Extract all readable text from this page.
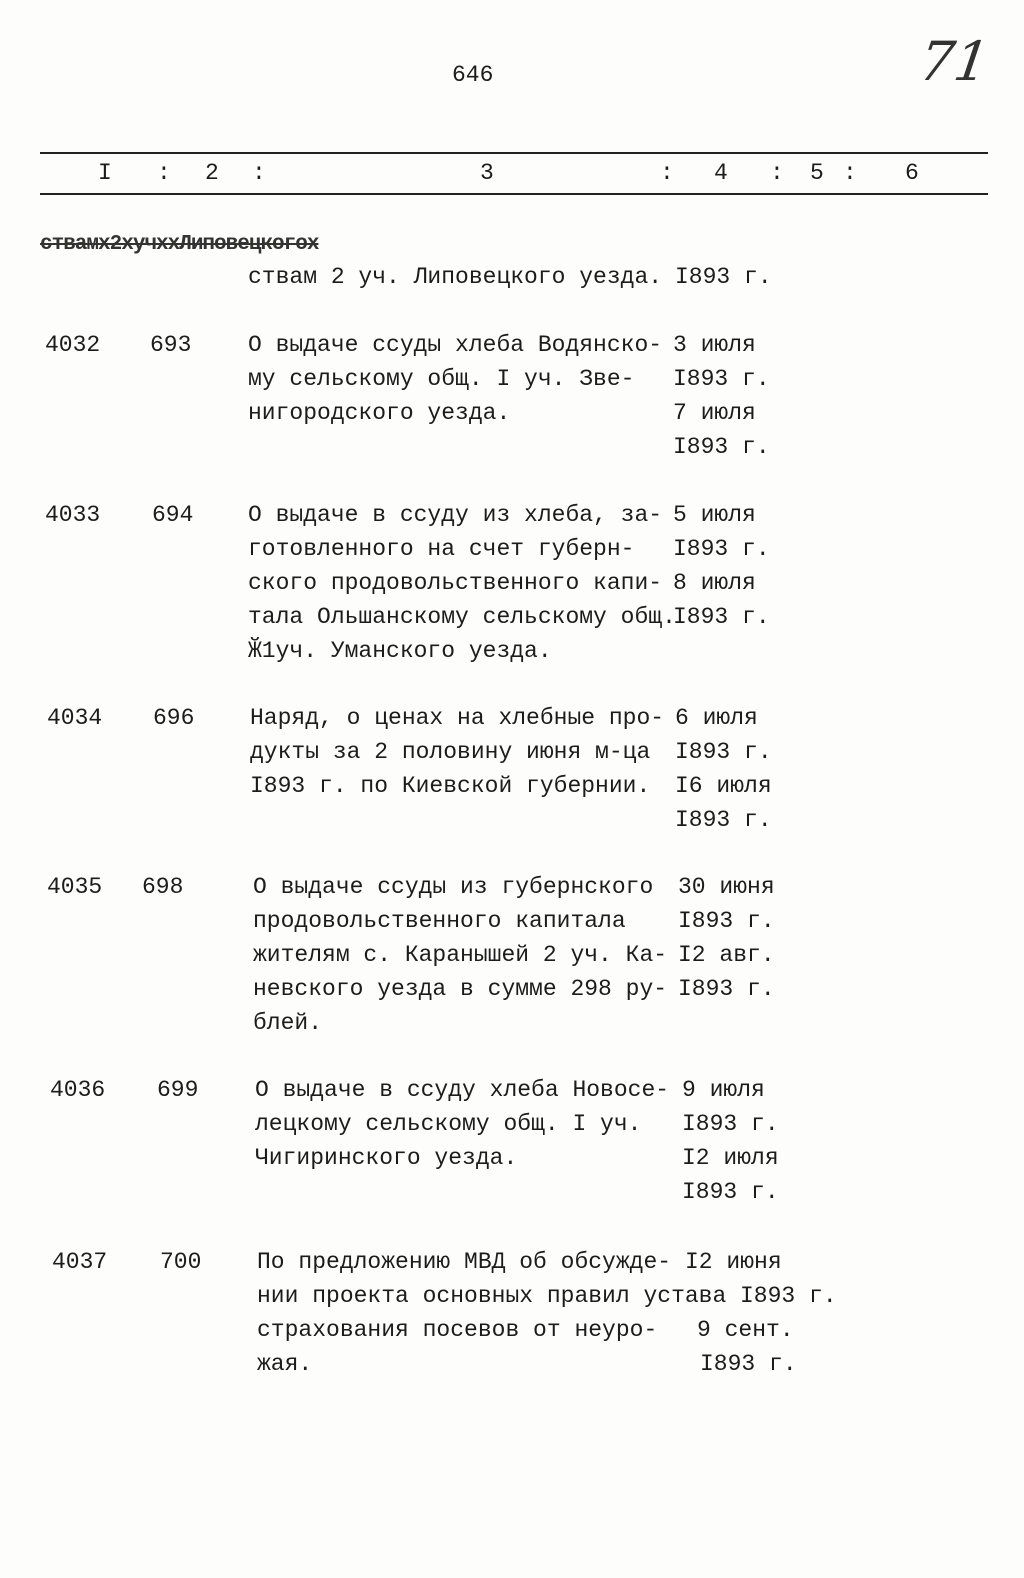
646	71
I : 2 :	3	: 4 : 5 : 6
ствамх2хучххЛиповецкогох
ствам 2 уч. Липовецкого уезда. I893 г.
4032 693 О выдаче ссуды хлеба Водянско-
му сельскому общ. I уч. Зве-
нигородского уезда.
3 июля
I893 г.
7 июля
I893 г.
4033 694 О выдаче в ссуду из хлеба, за-
готовленного на счет губерн-
ского продовольственного капи-
тала Ольшанскому сельскому общ.
Ӂ1уч. Уманского уезда.
5 июля
I893 г.
8 июля
I893 г.
4034 696 Наряд, о ценах на хлебные про-
дукты за 2 половину июня м-ца
I893 г. по Киевской губернии.
6 июля
I893 г.
I6 июля
I893 г.
4035 698	О выдаче ссуды из губернского
продовольственного капитала
жителям с. Каранышей 2 уч. Ка-
невского уезда в сумме 298 ру-
блей.
30 июня
I893 г.
I2 авг.
I893 г.
4036 699 О выдаче в ссуду хлеба Новосе-
лецкому сельскому общ. I уч.
Чигиринского уезда.
9 июля
I893 г.
I2 июля
I893 г.
4037 700 По предложению МВД об обсужде-
нии проекта основных правил устава
страхования посевов от неуро-
жая.
I2 июня
I893 г.
9 сент.
I893 г.
